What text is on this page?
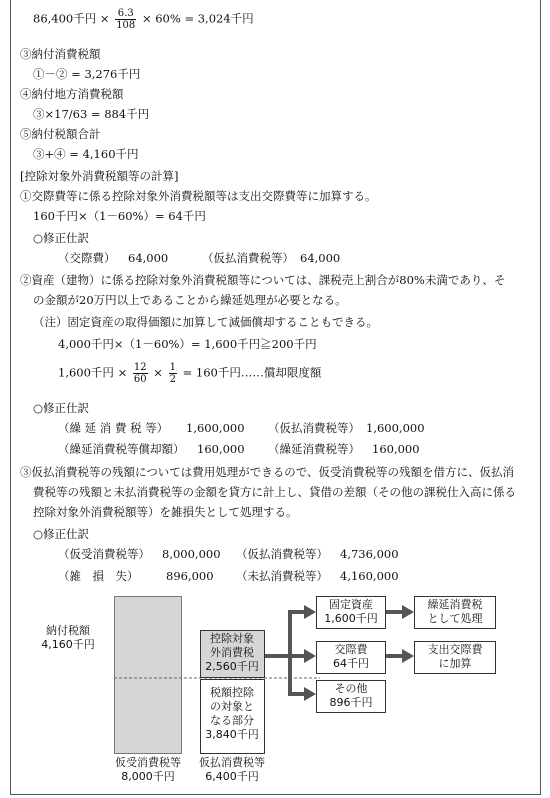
86,400千円 × $\frac{6.3}{108} \times 60\% = 3,024$千円
③納付消費税額
①－② = 3,276千円
④納付地方消費税額
③×17/63 = 884千円
⑤納付税額合計
③+④ = 4,160千円
[控除対象外消費税額等の計算]
①交際費等に係る控除対象外消費税額等は支出交際費等に加算する。
160千円×（1－60%）= 64千円
○修正仕訳
（交際費） 64,000	（仮払消費税等） 64,000
②資産（建物）に係る控除対象外消費税額等については、課税売上割合が80%未満であり、そ
の金額が20万円以上であることから繰延処理が必要となる。
（注）固定資産の取得価額に加算して減価償却することもできる。
4,000千円×（1－60%）= 1,600千円≧200千円
1,600千円 × $\frac{12}{60} \times \frac{1}{2} = 160$千円……償却限度額
○修正仕訳
（繰 延 消 費 税 等） 1,600,000 （仮払消費税等） 1,600,000
（繰延消費税等償却額） 160,000 （繰延消費税等） 160,000
③仮払消費税等の残額については費用処理ができるので、仮受消費税等の残額を借方に、仮払消
費税等の残額と未払消費税等の金額を貸方に計上し、貸借の差額（その他の課税仕入高に係る
控除対象外消費税額等）を雑損失として処理する。
○修正仕訳
（仮受消費税等） 8,000,000 （仮払消費税等） 4,736,000
（雑　損　失） 896,000 （未払消費税等） 4,160,000
納付税額
4,160千円	控除対象
外消費税
2,560千円
税額控除
の対象と
なる部分
3,840千円
固定資産
1,600千円
繰延消費税
として処理
交際費
64千円
支出交際費
に加算
その他
896千円
仮受消費税等
8,000千円
仮払消費税等
6,400千円
